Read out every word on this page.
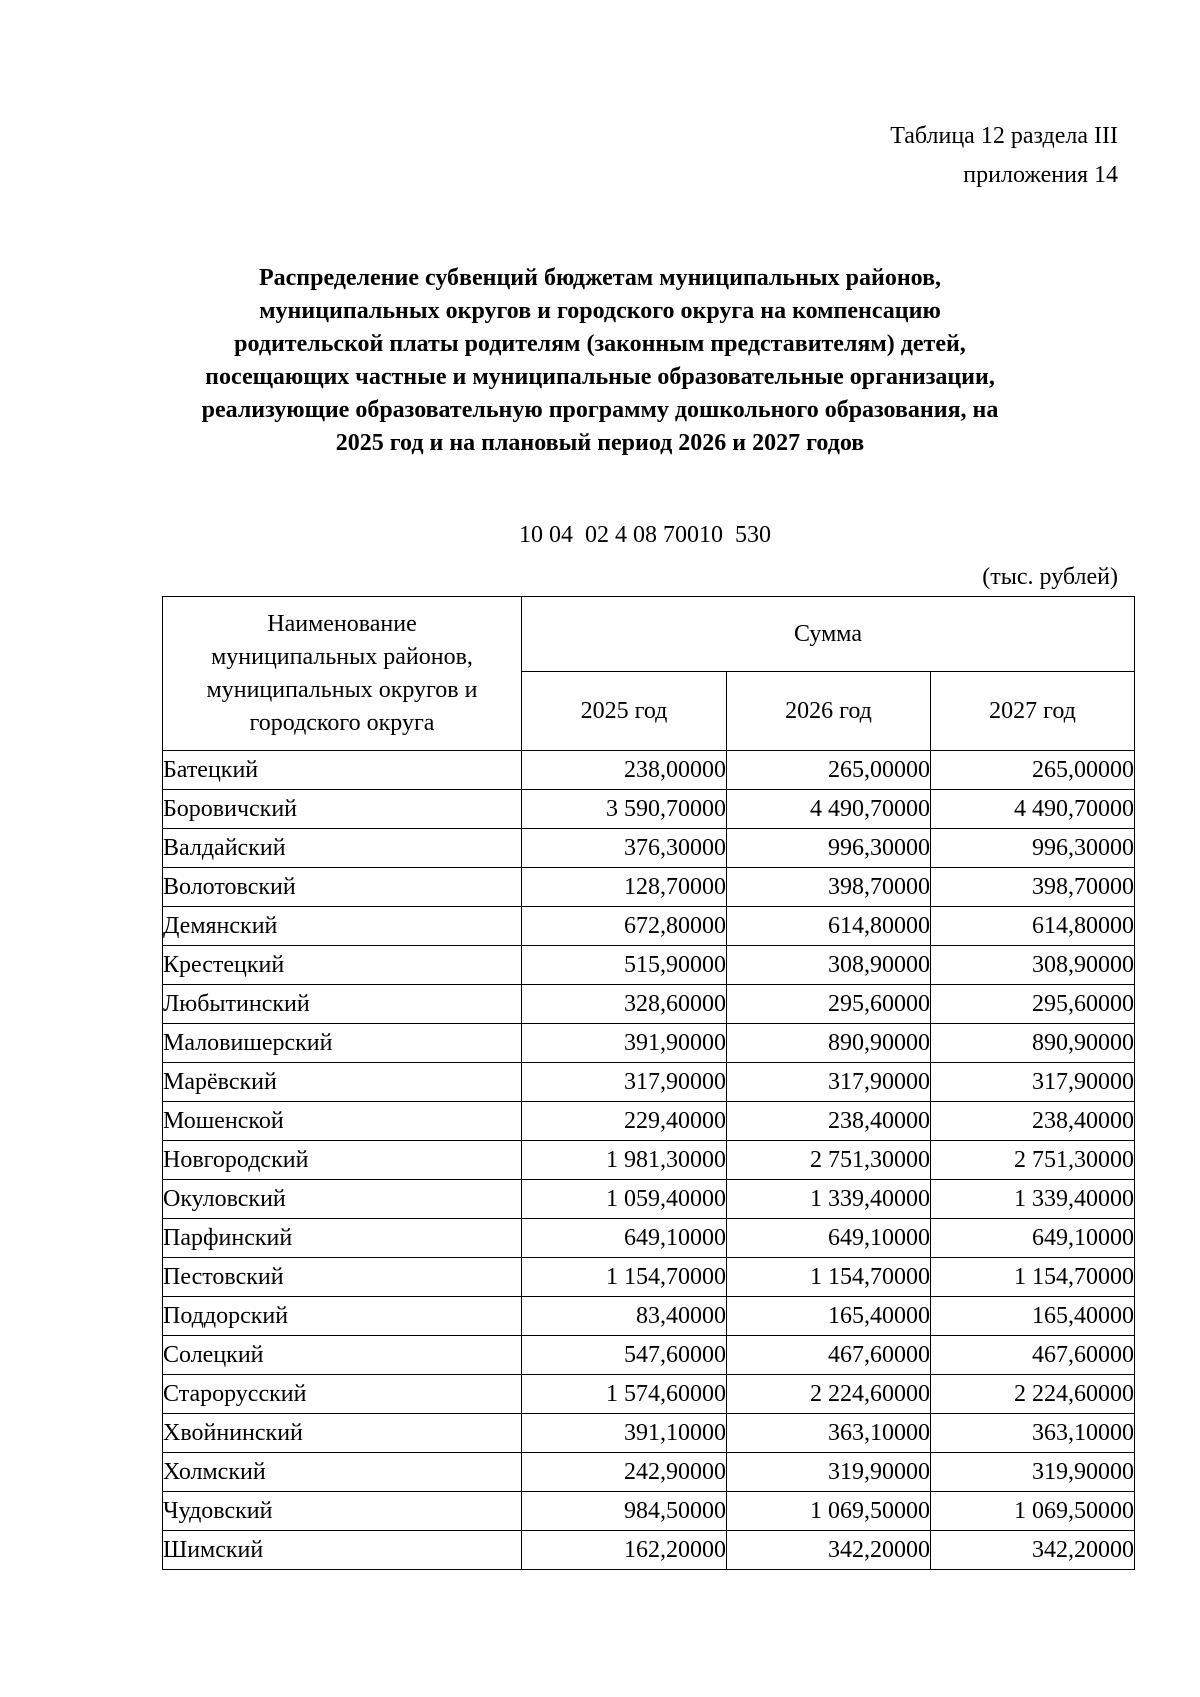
Таблица 12 раздела III
приложения 14
Распределение субвенций бюджетам муниципальных районов,
муниципальных округов и городского округа на компенсацию
родительской платы родителям (законным представителям) детей,
посещающих частные и муниципальные образовательные организации,
реализующие образовательную программу дошкольного образования, на
2025 год и на плановый период 2026 и 2027 годов
10 04  02 4 08 70010  530
(тыс. рублей)
Наименование
муниципальных районов,
муниципальных округов и
городского округа	Сумма		
	2025 год	2026 год	2027 год
Батецкий	238,00000	265,00000	265,00000
Боровичский	3 590,70000	4 490,70000	4 490,70000
Валдайский	376,30000	996,30000	996,30000
Волотовский	128,70000	398,70000	398,70000
Демянский	672,80000	614,80000	614,80000
Крестецкий	515,90000	308,90000	308,90000
Любытинский	328,60000	295,60000	295,60000
Маловишерский	391,90000	890,90000	890,90000
Марёвский	317,90000	317,90000	317,90000
Мошенской	229,40000	238,40000	238,40000
Новгородский	1 981,30000	2 751,30000	2 751,30000
Окуловский	1 059,40000	1 339,40000	1 339,40000
Парфинский	649,10000	649,10000	649,10000
Пестовский	1 154,70000	1 154,70000	1 154,70000
Поддорский	83,40000	165,40000	165,40000
Солецкий	547,60000	467,60000	467,60000
Старорусский	1 574,60000	2 224,60000	2 224,60000
Хвойнинский	391,10000	363,10000	363,10000
Холмский	242,90000	319,90000	319,90000
Чудовский	984,50000	1 069,50000	1 069,50000
Шимский	162,20000	342,20000	342,20000
